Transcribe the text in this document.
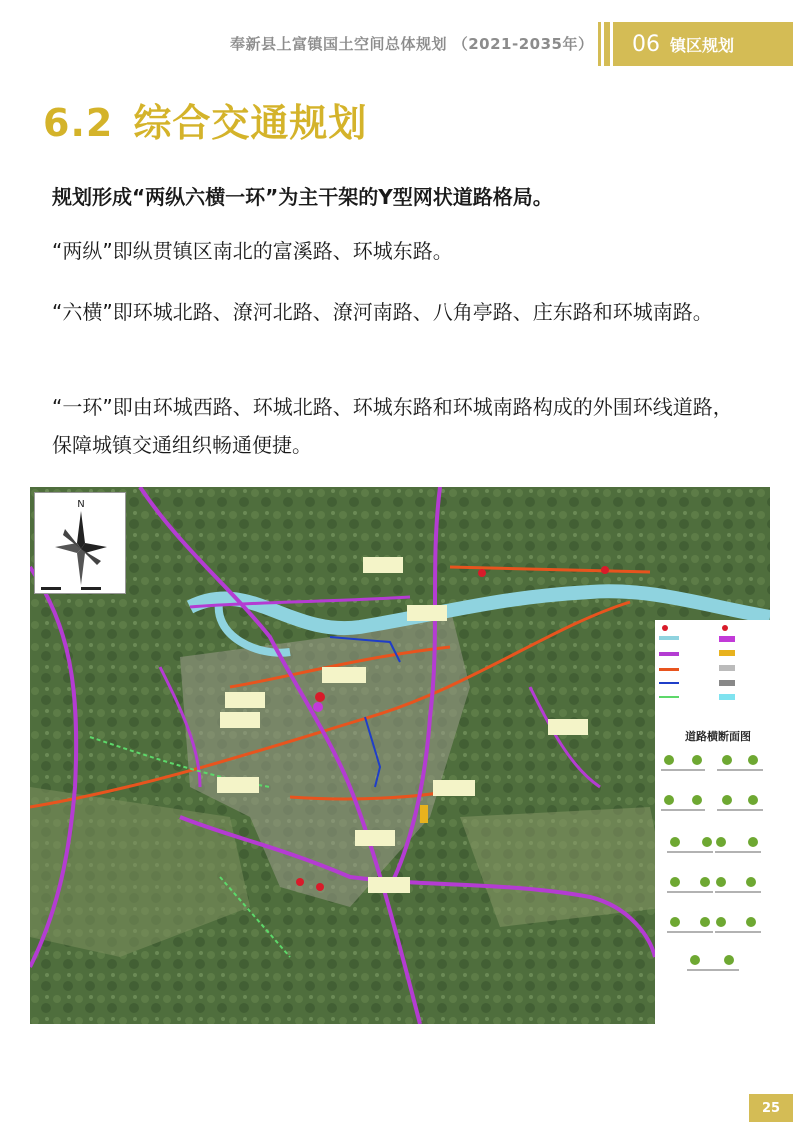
奉新县上富镇国土空间总体规划 （2021-2035年）	06 镇区规划
6.2 综合交通规划
规划形成“两纵六横一环”为主干架的Y型网状道路格局。
“两纵”即纵贯镇区南北的富溪路、环城东路。
“六横”即环城北路、潦河北路、潦河南路、八角亭路、庄东路和环城南路。
“一环”即由环城西路、环城北路、环城东路和环城南路构成的外围环线道路，保障城镇交通组织畅通便捷。
N
道路横断面图
25
